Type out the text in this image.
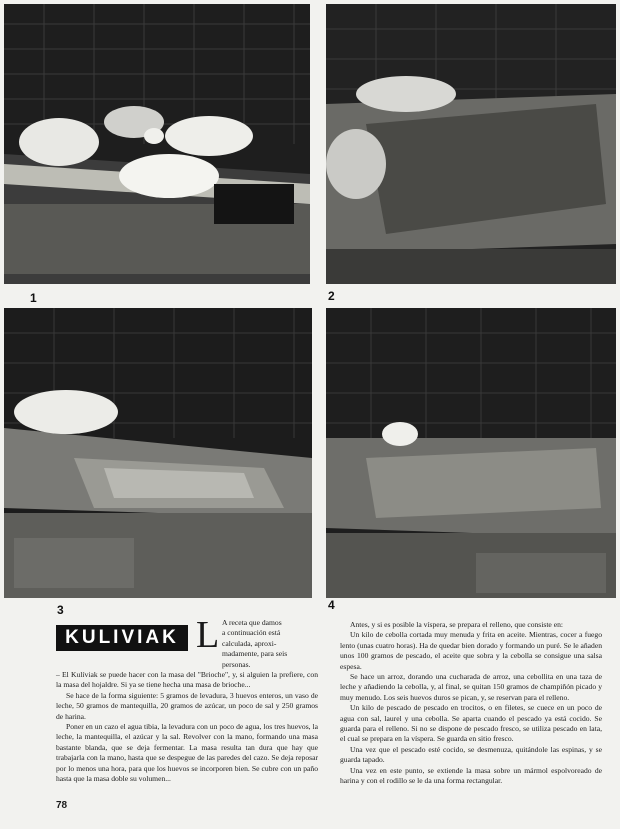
1	2
3	4
KULIVIAK L A receta que damos

a continuación está

calculada, aproxi-

madamente, para seis

personas.

– El Kulíviak se puede hacer con la masa del "Brioche", y, si alguien la prefiere, con la masa del hojaldre. Si ya se tiene hecha una masa de brioche...

Se hace de la forma siguiente: 5 gramos de levadura, 3 huevos enteros, un vaso de leche, 50 gramos de mantequilla, 20 gramos de azúcar, un poco de sal y 250 gramos de harina.

Poner en un cazo el agua tibia, la levadura con un poco de agua, los tres huevos, la leche, la mantequilla, el azúcar y la sal. Revolver con la mano, formando una masa bastante blanda, que se deja fermentar. La masa resulta tan dura que hay que trabajarla con la mano, hasta que se despegue de las paredes del cazo. Se deja reposar por lo menos una hora, para que los huevos se incorporen bien. Se cubre con un paño hasta que la masa doble su volumen...

Antes, y si es posible la víspera, se prepara el relleno, que consiste en:

Un kilo de cebolla cortada muy menuda y frita en aceite. Mientras, cocer a fuego lento (unas cuatro horas). Ha de quedar bien dorado y formando un puré. Se le añaden unos 100 gramos de pescado, el aceite que sobra y la cebolla se consigue una salsa espesa.

Se hace un arroz, dorando una cucharada de arroz, una cebollita en una taza de leche y añadiendo la cebolla, y, al final, se quitan 150 gramos de champiñón picado y muy menudo. Los seis huevos duros se pican, y, se reservan para el relleno.

Un kilo de pescado de pescado en trocitos, o en filetes, se cuece en un poco de agua con sal, laurel y una cebolla. Se aparta cuando el pescado ya está cocido. Se guarda para el relleno. Si no se dispone de pescado fresco, se utiliza pescado en lata, el cual se prepara en la víspera. Se guarda en sitio fresco.

Una vez que el pescado esté cocido, se desmenuza, quitándole las espinas, y se guarda tapado.

Una vez en este punto, se extiende la masa sobre un mármol espolvoreado de harina y con el rodillo se le da una forma rectangular.

78
